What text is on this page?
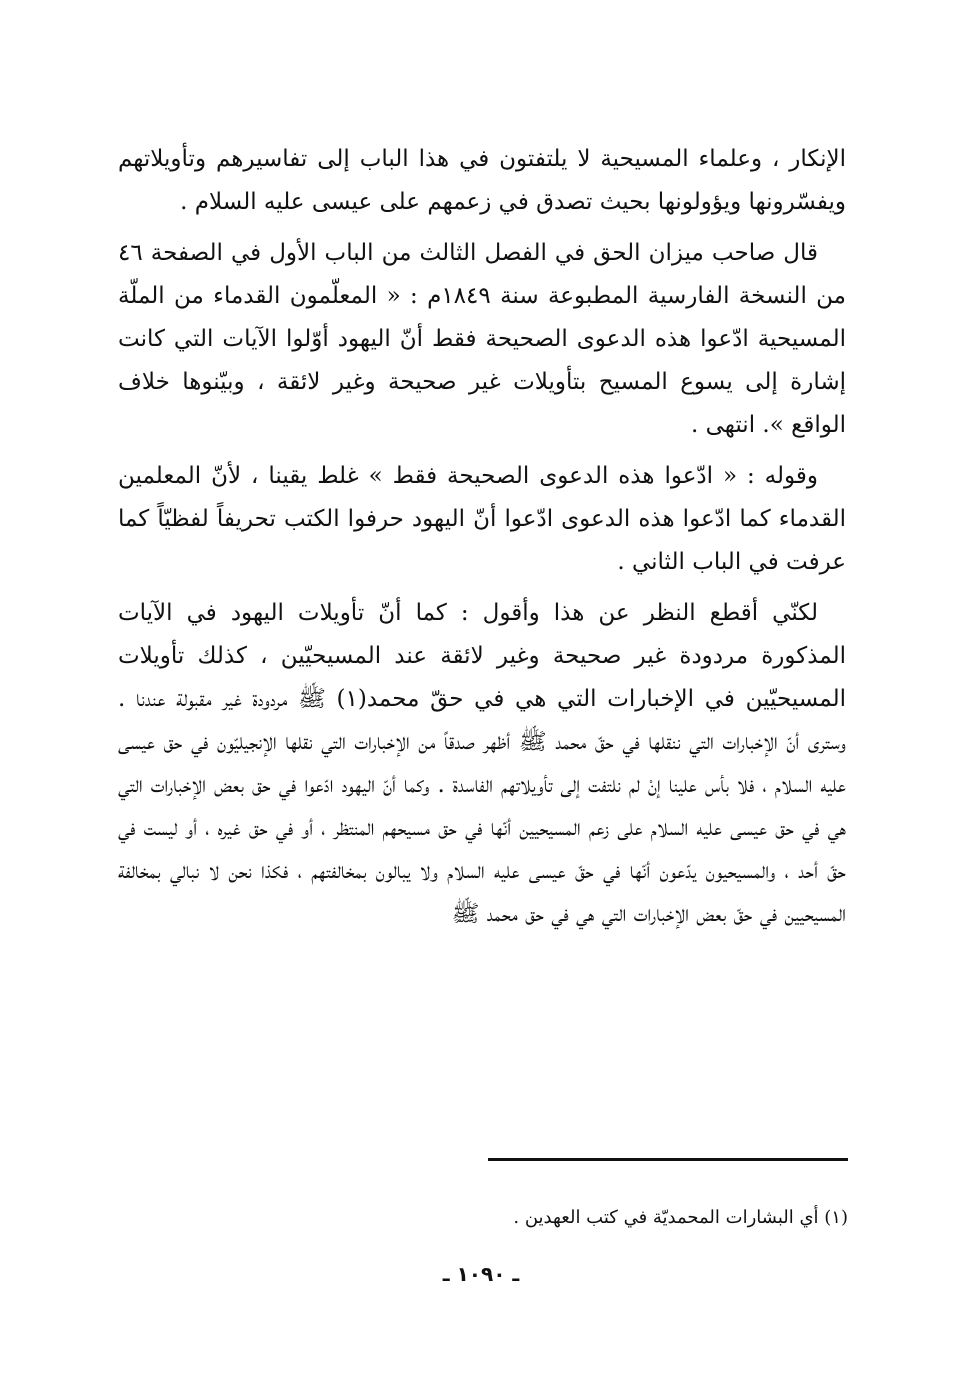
الإنكار ، وعلماء المسيحية لا يلتفتون في هذا الباب إلى تفاسيرهم وتأويلاتهم ويفسّرونها ويؤولونها بحيث تصدق في زعمهم على عيسى عليه السلام .

قال صاحب ميزان الحق في الفصل الثالث من الباب الأول في الصفحة ٤٦ من النسخة الفارسية المطبوعة سنة ١٨٤٩م : « المعلّمون القدماء من الملّة المسيحية ادّعوا هذه الدعوى الصحيحة فقط أنّ اليهود أوّلوا الآيات التي كانت إشارة إلى يسوع المسيح بتأويلات غير صحيحة وغير لائقة ، وبيّنوها خلاف الواقع ». انتهى .

وقوله : « ادّعوا هذه الدعوى الصحيحة فقط » غلط يقينا ، لأنّ المعلمين القدماء كما ادّعوا هذه الدعوى ادّعوا أنّ اليهود حرفوا الكتب تحريفاً لفظيّاً كما عرفت في الباب الثاني .

لكنّي أقطع النظر عن هذا وأقول : كما أنّ تأويلات اليهود في الآيات المذكورة مردودة غير صحيحة وغير لائقة عند المسيحيّين ، كذلك تأويلات المسيحيّين في الإخبارات التي هي في حقّ محمد(١) ﷺ مردودة غير مقبولة عندنا . وسترى أنّ الإخبارات التي ننقلها في حقّ محمد ﷺ أظهر صدقاً من الإخبارات التي نقلها الإنجيليّون في حق عيسى عليه السلام ، فلا بأس علينا إنْ لم نلتفت إلى تأويلاتهم الفاسدة . وكما أنّ اليهود ادّعوا في حق بعض الإخبارات التي هي في حق عيسى عليه السلام على زعم المسيحيين أنّها في حق مسيحهم المنتظر ، أو في حق غيره ، أو ليست في حقّ أحد ، والمسيحيون يدّعون أنّها في حقّ عيسى عليه السلام ولا يبالون بمخالفتهم ، فكذا نحن لا نبالي بمخالفة المسيحيين في حقّ بعض الإخبارات التي هي في حق محمد ﷺ

(١) أي البشارات المحمديّة في كتب العهدين .
ـ ١٠٩٠ ـ
